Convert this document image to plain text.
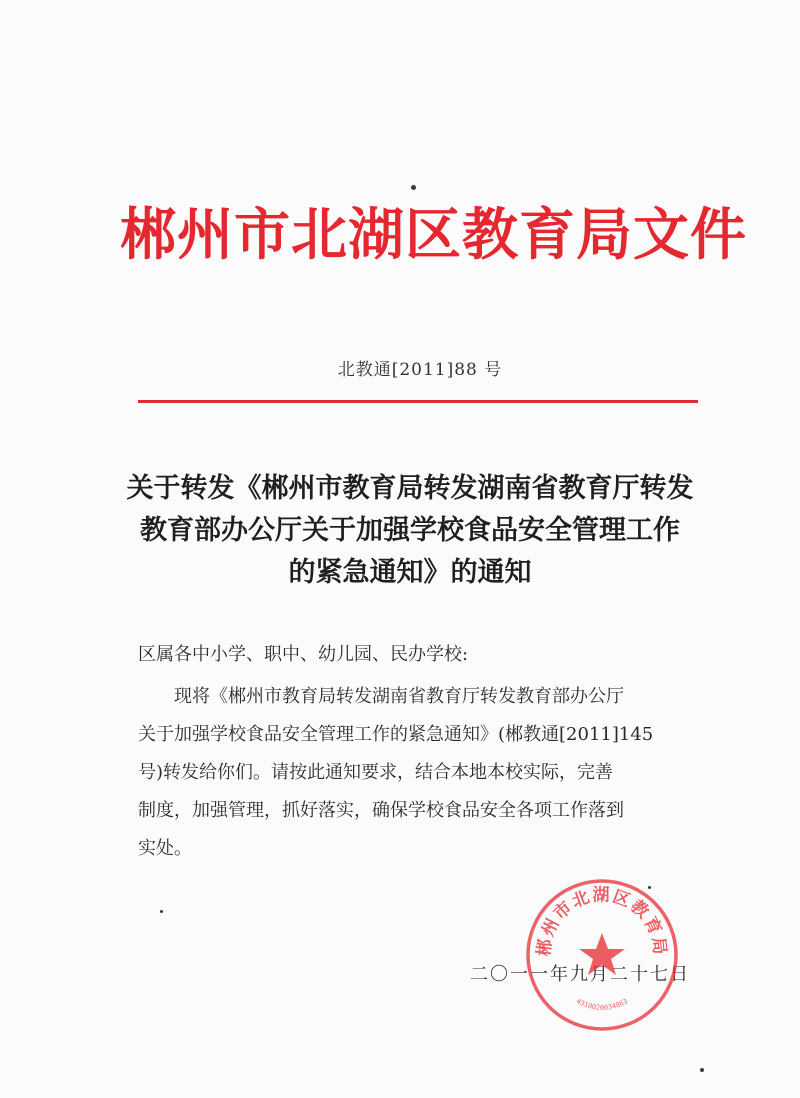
郴州市北湖区教育局文件
北教通[2011]88 号
关于转发《郴州市教育局转发湖南省教育厅转发
教育部办公厅关于加强学校食品安全管理工作
的紧急通知》的通知
区属各中小学、职中、幼儿园、民办学校:
现将《郴州市教育局转发湖南省教育厅转发教育部办公厅
关于加强学校食品安全管理工作的紧急通知》(郴教通[2011]145
号)转发给你们。请按此通知要求，结合本地本校实际，完善
制度，加强管理，抓好落实，确保学校食品安全各项工作落到
实处。
二〇一一年九月二十七日
郴州市北湖区教育局
4310020034863
